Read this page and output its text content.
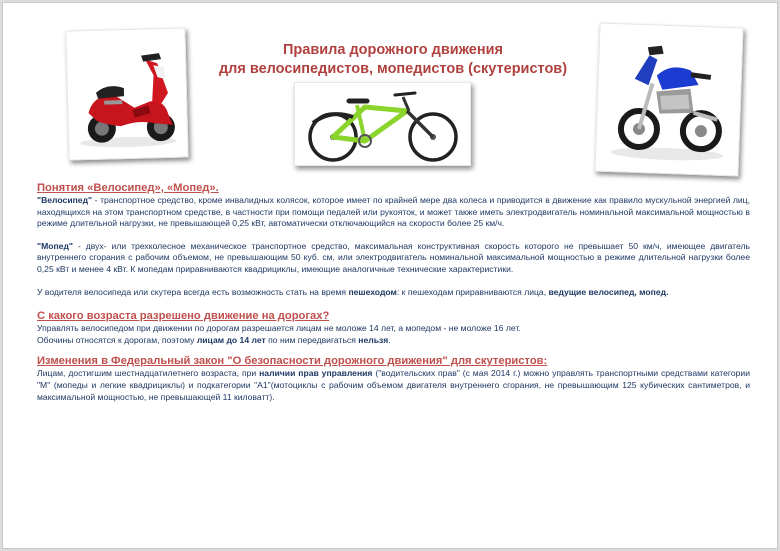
Правила дорожного движения
для велосипедистов, мопедистов (скутеристов)
Понятия «Велосипед», «Мопед».

"Велосипед" - транспортное средство, кроме инвалидных колясок, которое имеет по крайней мере два колеса и приводится в движение как правило мускульной энергией лиц, находящихся на этом транспортном средстве, в частности при помощи педалей или рукояток, и может также иметь электродвигатель номинальной максимальной мощностью в режиме длительной нагрузки, не превышающей 0,25 кВт, автоматически отключающийся на скорости более 25 км/ч.

"Мопед" - двух- или трехколесное механическое транспортное средство, максимальная конструктивная скорость которого не превышает 50 км/ч, имеющее двигатель внутреннего сгорания с рабочим объемом, не превышающим 50 куб. см, или электродвигатель номинальной максимальной мощностью в режиме длительной нагрузки более 0,25 кВт и менее 4 кВт. К мопедам приравниваются квадрициклы, имеющие аналогичные технические характеристики.

У водителя велосипеда или скутера всегда есть возможность стать на время пешеходом: к пешеходам приравниваются лица, ведущие велосипед, мопед.

С какого возраста разрешено движение на дорогах?

Управлять велосипедом при движении по дорогам разрешается лицам не моложе 14 лет, а мопедом - не моложе 16 лет.

Обочины относятся к дорогам, поэтому лицам до 14 лет по ним передвигаться нельзя.

Изменения в Федеральный закон "О безопасности дорожного движения" для скутеристов:

Лицам, достигшим шестнадцатилетнего возраста, при наличии прав управления ("водительских прав" (с мая 2014 г.) можно управлять транспортными средствами категории "М" (мопеды и легкие квадрициклы) и подкатегории "А1"(мотоциклы с рабочим объемом двигателя внутреннего сгорания, не превышающим 125 кубических сантиметров, и максимальной мощностью, не превышающей 11 киловатт).
